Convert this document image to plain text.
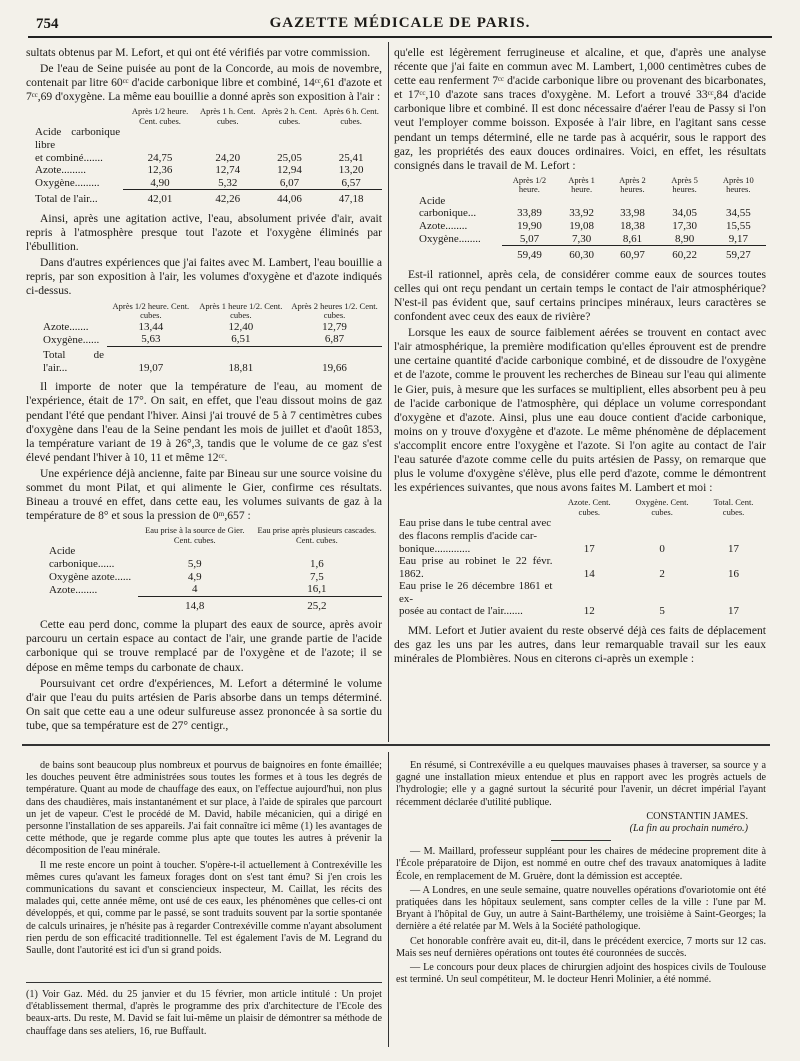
754	GAZETTE MÉDICALE DE PARIS.

sultats obtenus par M. Lefort, et qui ont été vérifiés par votre commission.

De l'eau de Seine puisée au pont de la Concorde, au mois de novembre, contenait par litre 60ᶜᶜ d'acide carbonique libre et combiné, 14ᶜᶜ,61 d'azote et 7ᶜᶜ,69 d'oxygène. La même eau bouillie a donné après son exposition à l'air :

	Après 1/2 heure. Cent. cubes.	Après 1 h. Cent. cubes.	Après 2 h. Cent. cubes.	Après 6 h. Cent. cubes.
Acide carbonique libre				
et combiné.......	24,75	24,20	25,05	25,41
Azote.........	12,36	12,74	12,94	13,20
Oxygène.........	4,90	5,32	6,07	6,57
Total de l'air...	42,01	42,26	44,06	47,18

Ainsi, après une agitation active, l'eau, absolument privée d'air, avait repris à l'atmosphère presque tout l'azote et l'oxygène éliminés par l'ébullition.

Dans d'autres expériences que j'ai faites avec M. Lambert, l'eau bouillie a repris, par son exposition à l'air, les volumes d'oxygène et d'azote indiqués ci-dessus.

	Après 1/2 heure. Cent. cubes.	Après 1 heure 1/2. Cent. cubes.	Après 2 heures 1/2. Cent. cubes.
Azote.......	13,44	12,40	12,79
Oxygène......	5,63	6,51	6,87
Total de l'air...	19,07	18,81	19,66

Il importe de noter que la température de l'eau, au moment de l'expérience, était de 17°. On sait, en effet, que l'eau dissout moins de gaz pendant l'été que pendant l'hiver. Ainsi j'ai trouvé de 5 à 7 centimètres cubes d'oxygène dans l'eau de la Seine pendant les mois de juillet et d'août 1853, la température variant de 19 à 26°,3, tandis que le volume de ce gaz s'est élevé pendant l'hiver à 10, 11 et même 12ᶜᶜ.

Une expérience déjà ancienne, faite par Bineau sur une source voisine du sommet du mont Pilat, et qui alimente le Gier, confirme ces résultats. Bineau a trouvé en effet, dans cette eau, les volumes suivants de gaz à la température de 8° et sous la pression de 0ᵐ,657 :

	Eau prise à la source de Gier. Cent. cubes.	Eau prise après plusieurs cascades. Cent. cubes.
Acide carbonique......	5,9	1,6
Oxygène azote......	4,9	7,5
Azote........	4	16,1
	14,8	25,2

Cette eau perd donc, comme la plupart des eaux de source, après avoir parcouru un certain espace au contact de l'air, une grande partie de l'acide carbonique qui se trouve remplacé par de l'oxygène et de l'azote; il se dépose en même temps du carbonate de chaux.

Poursuivant cet ordre d'expériences, M. Lefort a déterminé le volume d'air que l'eau du puits artésien de Paris absorbe dans un temps déterminé. On sait que cette eau a une odeur sulfureuse assez prononcée à sa sortie du tube, que sa température est de 27° centigr.,

qu'elle est légèrement ferrugineuse et alcaline, et que, d'après une analyse récente que j'ai faite en commun avec M. Lambert, 1,000 centimètres cubes de cette eau renferment 7ᶜᶜ d'acide carbonique libre ou provenant des bicarbonates, et 17ᶜᶜ,10 d'azote sans traces d'oxygène. M. Lefort a trouvé 33ᶜᶜ,84 d'acide carbonique libre et combiné. Il est donc nécessaire d'aérer l'eau de Passy si l'on veut l'employer comme boisson. Exposée à l'air libre, en l'agitant sans cesse pendant un temps déterminé, elle ne tarde pas à acquérir, sous le rapport des gaz, les propriétés des eaux douces ordinaires. Voici, en effet, les résultats consignés dans le travail de M. Lefort :

	Après 1/2 heure.	Après 1 heure.	Après 2 heures.	Après 5 heures.	Après 10 heures.
Acide carbonique...	33,89	33,92	33,98	34,05	34,55
Azote........	19,90	19,08	18,38	17,30	15,55
Oxygène........	5,07	7,30	8,61	8,90	9,17
	59,49	60,30	60,97	60,22	59,27

Est-il rationnel, après cela, de considérer comme eaux de sources toutes celles qui ont reçu pendant un certain temps le contact de l'air atmosphérique? N'est-il pas évident que, sauf certains principes minéraux, leurs caractères se confondent avec ceux des eaux de rivière?

Lorsque les eaux de source faiblement aérées se trouvent en contact avec l'air atmosphérique, la première modification qu'elles éprouvent est de prendre une certaine quantité d'acide carbonique combiné, et de dissoudre de l'oxygène et de l'azote, comme le prouvent les recherches de Bineau sur l'eau qui alimente le Gier, puis, à mesure que les surfaces se multiplient, elles absorbent peu à peu de l'acide carbonique de l'atmosphère, qui déplace un volume correspondant d'oxygène et d'azote. Ainsi, plus une eau douce contient d'acide carbonique, moins on y trouve d'oxygène et d'azote. Le même phénomène de déplacement s'accomplit encore entre l'oxygène et l'azote. Si l'on agite au contact de l'air l'eau saturée d'azote comme celle du puits artésien de Passy, on remarque que plus le volume d'oxygène s'élève, plus elle perd d'azote, comme le démontrent les expériences suivantes, que nous avons faites M. Lambert et moi :

	Azote. Cent. cubes.	Oxygène. Cent. cubes.	Total. Cent. cubes.
Eau prise dans le tube central avec			
des flacons remplis d'acide car-			
bonique.............	17	0	17
Eau prise au robinet le 22 févr. 1862.	14	2	16
Eau prise le 26 décembre 1861 et ex-			
posée au contact de l'air.......	12	5	17

MM. Lefort et Jutier avaient du reste observé déjà ces faits de déplacement des gaz les uns par les autres, dans leur remarquable travail sur les eaux minérales de Plombières. Nous en citerons ci-après un exemple :

de bains sont beaucoup plus nombreux et pourvus de baignoires en fonte émaillée; les douches peuvent être administrées sous toutes les formes et à tous les degrés de température. Quant au mode de chauffage des eaux, on l'effectue aujourd'hui, non plus dans des chaudières, mais instantanément et sur place, à l'aide de spirales que parcourt un jet de vapeur. C'est le procédé de M. David, habile mécanicien, qui a dirigé en personne l'installation de ses appareils. J'ai fait connaître ici même (1) les avantages de cette méthode, que je regarde comme plus apte que toutes les autres à prévenir la décomposition de l'eau minérale.

Il me reste encore un point à toucher. S'opère-t-il actuellement à Contrexéville les mêmes cures qu'avant les fameux forages dont on s'est tant ému? Si j'en crois les communications du savant et consciencieux inspecteur, M. Caillat, les récits des malades qui, cette année même, ont usé de ces eaux, les phénomènes que celles-ci ont développés, et qui, comme par le passé, se sont traduits souvent par la sortie spontanée de calculs urinaires, je n'hésite pas à regarder Contrexéville comme n'ayant absolument rien perdu de son efficacité traditionnelle. Tel est également l'avis de M. Legrand du Saulle, dont l'autorité est ici d'un si grand poids.

(1) Voir Gaz. Méd. du 25 janvier et du 15 février, mon article intitulé : Un projet d'établissement thermal, d'après le programme des prix d'architecture de l'Ecole des beaux-arts. Du reste, M. David se fait lui-même un plaisir de démontrer sa méthode de chauffage dans ses ateliers, 16, rue Buffault.

En résumé, si Contrexéville a eu quelques mauvaises phases à traverser, sa source y a gagné une installation mieux entendue et plus en rapport avec les progrès actuels de l'hydrologie; elle y a gagné surtout la sécurité pour l'avenir, un décret impérial l'ayant récemment déclarée d'utilité publique.

CONSTANTIN JAMES.
(La fin au prochain numéro.)

— M. Maillard, professeur suppléant pour les chaires de médecine proprement dite à l'École préparatoire de Dijon, est nommé en outre chef des travaux anatomiques à ladite École, en remplacement de M. Gruère, dont la démission est acceptée.

— A Londres, en une seule semaine, quatre nouvelles opérations d'ovariotomie ont été pratiquées dans les hôpitaux seulement, sans compter celles de la ville : l'une par M. Bryant à l'hôpital de Guy, un autre à Saint-Barthélemy, une troisième à Saint-Georges; la dernière a été relatée par M. Wels à la Société pathologique.

Cet honorable confrère avait eu, dit-il, dans le précédent exercice, 7 morts sur 12 cas. Mais ses neuf dernières opérations ont toutes été couronnées de succès.

— Le concours pour deux places de chirurgien adjoint des hospices civils de Toulouse est terminé. Un seul compétiteur, M. le docteur Henri Molinier, a été nommé.
